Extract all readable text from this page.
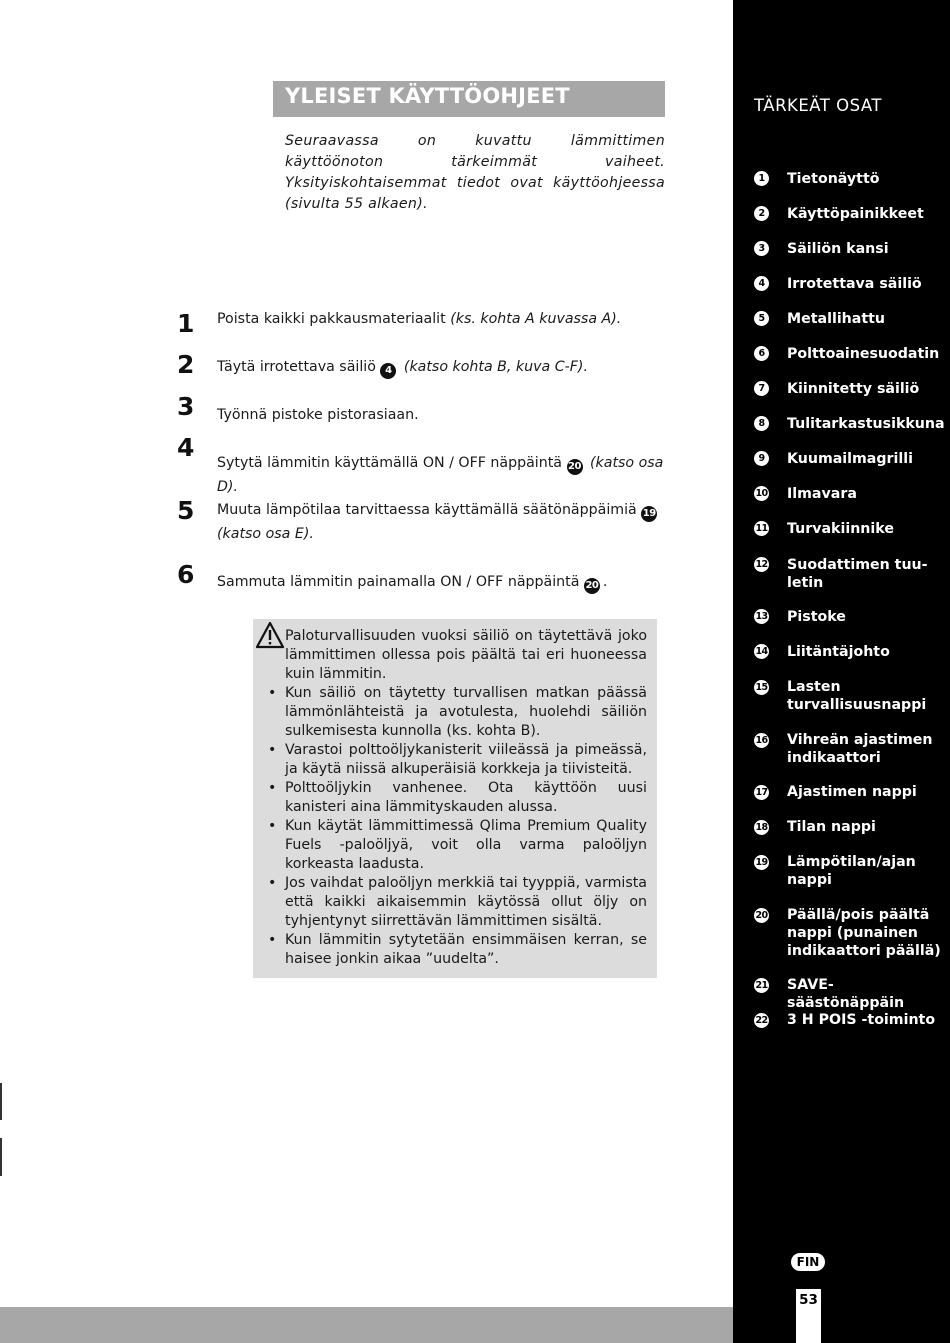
YLEISET KÄYTTÖOHJEET
Seuraavassa on kuvattu lämmittimen käyttöönoton tärkeimmät vaiheet. Yksityiskohtaisemmat tiedot ovat käyttöohjeessa (sivulta 55 alkaen).
1	Poista kaikki pakkausmateriaalit (ks. kohta A kuvassa A).
2	Täytä irrotettava säiliö 4 (katso kohta B, kuva C-F).
3	Työnnä pistoke pistorasiaan.
4
Sytytä lämmitin käyttämällä ON / OFF näppäintä 20 (katso osa D).
5	Muuta lämpötilaa tarvittaessa käyttämällä säätönäppäimiä 19
(katso osa E).
6	Sammuta lämmitin painamalla ON / OFF näppäintä 20 .
Paloturvallisuuden vuoksi säiliö on täytettävä joko lämmittimen ollessa pois päältä tai eri huoneessa kuin lämmitin.
• Kun säiliö on täytetty turvallisen matkan päässä lämmönlähteistä ja avotulesta, huolehdi säiliön sulkemisesta kunnolla (ks. kohta B).
• Varastoi polttoöljykanisterit viileässä ja pimeässä, ja käytä niissä alkuperäisiä korkkeja ja tiivisteitä.
• Polttoöljykin vanhenee. Ota käyttöön uusi kanisteri aina lämmityskauden alussa.
• Kun käytät lämmittimessä Qlima Premium Quality Fuels -paloöljyä, voit olla varma paloöljyn korkeasta laadusta.
• Jos vaihdat paloöljyn merkkiä tai tyyppiä, varmista että kaikki aikaisemmin käytössä ollut öljy on tyhjentynyt siirrettävän lämmittimen sisältä.
• Kun lämmitin sytytetään ensimmäisen kerran, se haisee jonkin aikaa ”uudelta”.
TÄRKEÄT OSAT
1	Tietonäyttö
2	Käyttöpainikkeet
3	Säiliön kansi
4	Irrotettava säiliö
5	Metallihattu
6	Polttoainesuodatin
7	Kiinnitetty säiliö
8	Tulitarkastusikkuna
9	Kuumailmagrilli
10 Ilmavara
11 Turvakiinnike
12 Suodattimen tuuletin
13 Pistoke
14 Liitäntäjohto
15 Lasten turvallisuusnappi
16 Vihreän ajastimen indikaattori
17 Ajastimen nappi
18 Tilan nappi
19 Lämpötilan/ajan nappi
20 Päällä/pois päältä nappi (punainen indikaattori päällä)
21 SAVE-säästönäppäin
22 3 H POIS -toiminto
FIN
53
